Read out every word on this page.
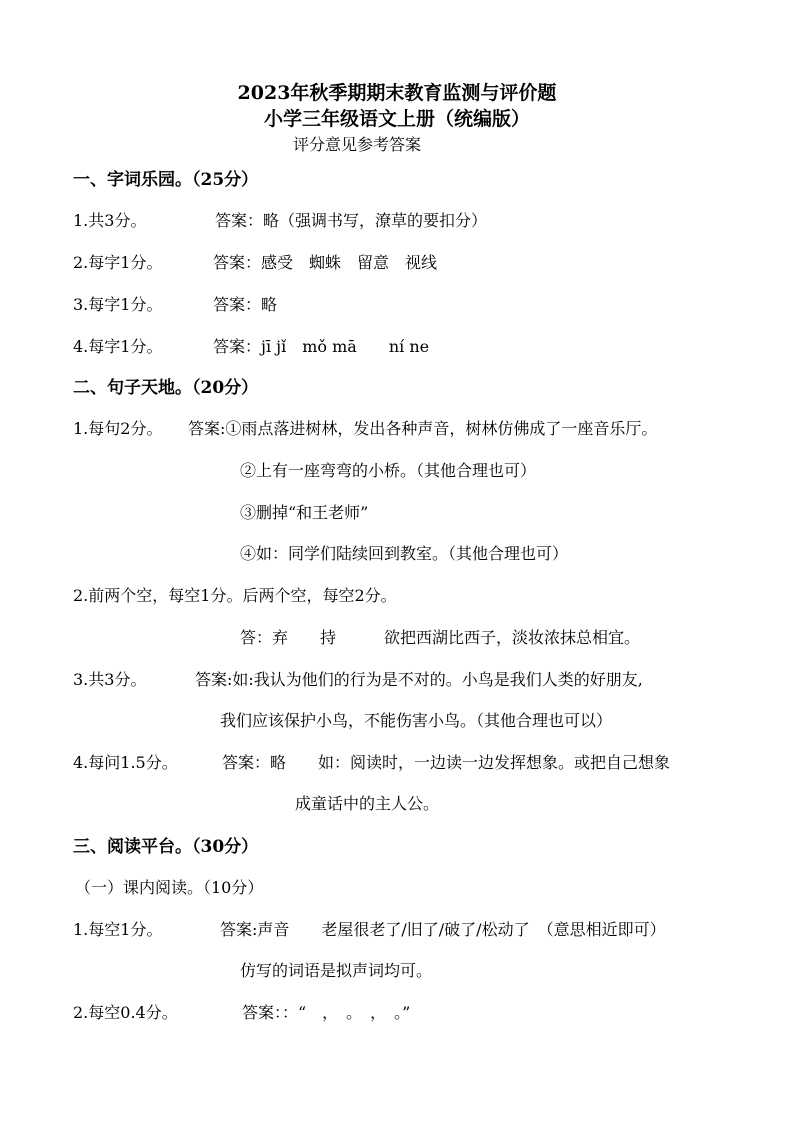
2023年秋季期期末教育监测与评价题
小学三年级语文上册（统编版）
评分意见参考答案
一、字词乐园。（25分）
1.共3分。	答案：略（强调书写，潦草的要扣分）
2.每字1分。	答案：感受　蜘蛛　留意　视线
3.每字1分。	答案：略
4.每字1分。	答案：jī jǐ　mǒ mā　　ní ne
二、句子天地。（20分）
1.每句2分。 答案:①雨点落进树林，发出各种声音，树林仿佛成了一座音乐厅。
②上有一座弯弯的小桥。（其他合理也可）
③删掉“和王老师”
④如：同学们陆续回到教室。（其他合理也可）
2.前两个空，每空1分。后两个空，每空2分。
答：弃　　持　　　欲把西湖比西子，淡妆浓抹总相宜。
3.共3分。	答案:如:我认为他们的行为是不对的。小鸟是我们人类的好朋友,
我们应该保护小鸟，不能伤害小鸟。（其他合理也可以）
4.每问1.5分。	答案：略　　如：阅读时，一边读一边发挥想象。或把自己想象
成童话中的主人公。
三、阅读平台。（30分）
（一）课内阅读。（10分）
1.每空1分。	答案:声音　　老屋很老了/旧了/破了/松动了　（意思相近即可）
仿写的词语是拟声词均可。
2.每空0.4分。	答案：：“　，　。　，　。”
